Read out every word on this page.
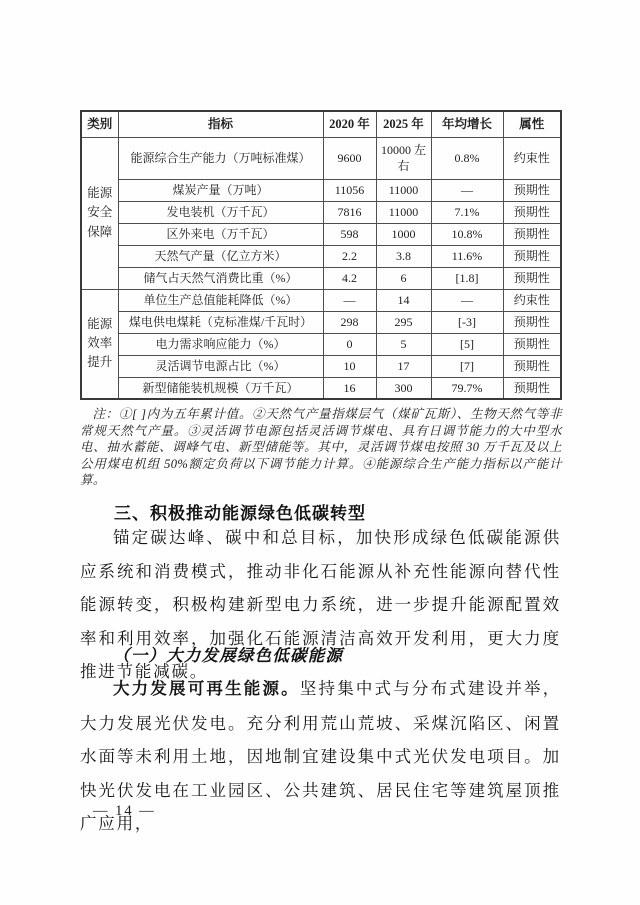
类别	指标	2020 年	2025 年	年均增长	属性
能源安全保障	能源综合生产能力（万吨标准煤）	9600	10000 左右	0.8%	约束性
	煤炭产量（万吨）	11056	11000	—	预期性
	发电装机（万千瓦）	7816	11000	7.1%	预期性
	区外来电（万千瓦）	598	1000	10.8%	预期性
	天然气产量（亿立方米）	2.2	3.8	11.6%	预期性
	储气占天然气消费比重（%）	4.2	6	[1.8]	预期性
能源效率提升	单位生产总值能耗降低（%）	—	14	—	约束性
	煤电供电煤耗（克标准煤/千瓦时）	298	295	[-3]	预期性
	电力需求响应能力（%）	0	5	[5]	预期性
	灵活调节电源占比（%）	10	17	[7]	预期性
	新型储能装机规模（万千瓦）	16	300	79.7%	预期性
注：①[ ]内为五年累计值。②天然气产量指煤层气（煤矿瓦斯）、生物天然气等非常规天然气产量。③灵活调节电源包括灵活调节煤电、具有日调节能力的大中型水电、抽水蓄能、调峰气电、新型储能等。其中，灵活调节煤电按照 30 万千瓦及以上公用煤电机组 50%额定负荷以下调节能力计算。④能源综合生产能力指标以产能计算。
三、积极推动能源绿色低碳转型
锚定碳达峰、碳中和总目标，加快形成绿色低碳能源供应系统和消费模式，推动非化石能源从补充性能源向替代性能源转变，积极构建新型电力系统，进一步提升能源配置效率和利用效率，加强化石能源清洁高效开发利用，更大力度推进节能减碳。
（一）大力发展绿色低碳能源
大力发展可再生能源。坚持集中式与分布式建设并举，大力发展光伏发电。充分利用荒山荒坡、采煤沉陷区、闲置水面等未利用土地，因地制宜建设集中式光伏发电项目。加快光伏发电在工业园区、公共建筑、居民住宅等建筑屋顶推广应用，
— 14 —
